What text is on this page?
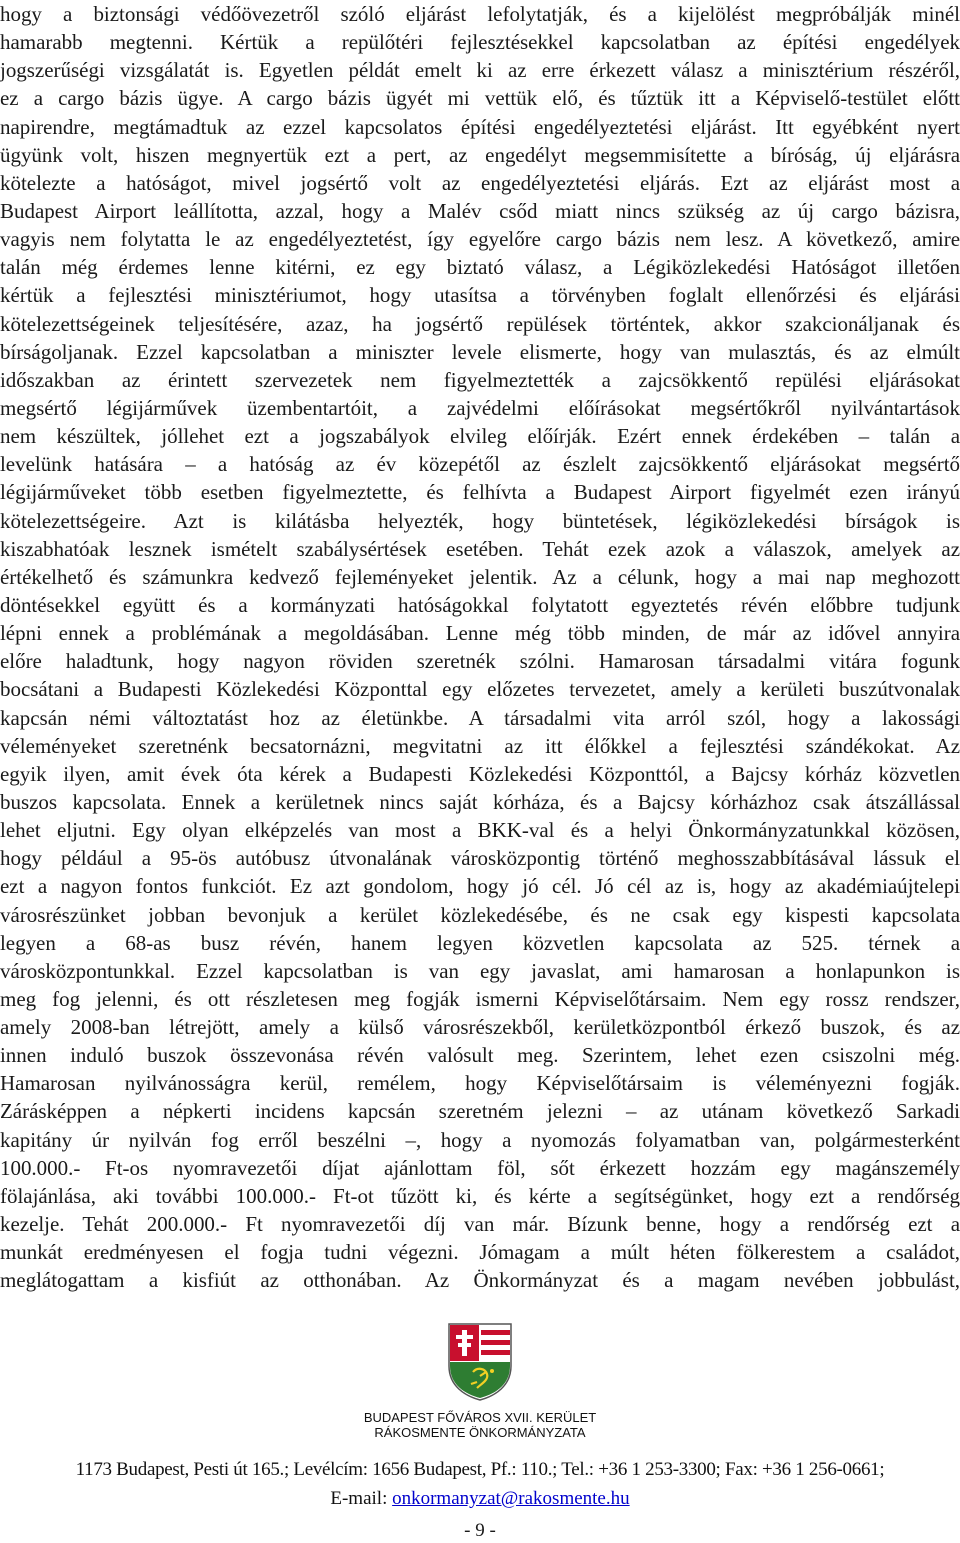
hogy a biztonsági védőövezetről szóló eljárást lefolytatják, és a kijelölést megpróbálják minél
hamarabb megtenni. Kértük a repülőtéri fejlesztésekkel kapcsolatban az építési engedélyek
jogszerűségi vizsgálatát is. Egyetlen példát emelt ki az erre érkezett válasz a minisztérium részéről,
ez a cargo bázis ügye. A cargo bázis ügyét mi vettük elő, és tűztük itt a Képviselő-testület előtt
napirendre, megtámadtuk az ezzel kapcsolatos építési engedélyeztetési eljárást. Itt egyébként nyert
ügyünk volt, hiszen megnyertük ezt a pert, az engedélyt megsemmisítette a bíróság, új eljárásra
kötelezte a hatóságot, mivel jogsértő volt az engedélyeztetési eljárás. Ezt az eljárást most a
Budapest Airport leállította, azzal, hogy a Malév csőd miatt nincs szükség az új cargo bázisra,
vagyis nem folytatta le az engedélyeztetést, így egyelőre cargo bázis nem lesz. A következő, amire
talán még érdemes lenne kitérni, ez egy biztató válasz, a Légiközlekedési Hatóságot illetően
kértük a fejlesztési minisztériumot, hogy utasítsa a törvényben foglalt ellenőrzési és eljárási
kötelezettségeinek teljesítésére, azaz, ha jogsértő repülések történtek, akkor szakcionáljanak és
bírságoljanak. Ezzel kapcsolatban a miniszter levele elismerte, hogy van mulasztás, és az elmúlt
időszakban az érintett szervezetek nem figyelmeztették a zajcsökkentő repülési eljárásokat
megsértő légijárművek üzembentartóit, a zajvédelmi előírásokat megsértőkről nyilvántartások
nem készültek, jóllehet ezt a jogszabályok elvileg előírják. Ezért ennek érdekében – talán a
levelünk hatására – a hatóság az év közepétől az észlelt zajcsökkentő eljárásokat megsértő
légijárműveket több esetben figyelmeztette, és felhívta a Budapest Airport figyelmét ezen irányú
kötelezettségeire. Azt is kilátásba helyezték, hogy büntetések, légiközlekedési bírságok is
kiszabhatóak lesznek ismételt szabálysértések esetében. Tehát ezek azok a válaszok, amelyek az
értékelhető és számunkra kedvező fejleményeket jelentik. Az a célunk, hogy a mai nap meghozott
döntésekkel együtt és a kormányzati hatóságokkal folytatott egyeztetés révén előbbre tudjunk
lépni ennek a problémának a megoldásában. Lenne még több minden, de már az idővel annyira
előre haladtunk, hogy nagyon röviden szeretnék szólni. Hamarosan társadalmi vitára fogunk
bocsátani a Budapesti Közlekedési Központtal egy előzetes tervezetet, amely a kerületi buszútvonalak
kapcsán némi változtatást hoz az életünkbe. A társadalmi vita arról szól, hogy a lakossági
véleményeket szeretnénk becsatornázni, megvitatni az itt élőkkel a fejlesztési szándékokat. Az
egyik ilyen, amit évek óta kérek a Budapesti Közlekedési Központtól, a Bajcsy kórház közvetlen
buszos kapcsolata. Ennek a kerületnek nincs saját kórháza, és a Bajcsy kórházhoz csak átszállással
lehet eljutni. Egy olyan elképzelés van most a BKK-val és a helyi Önkormányzatunkkal közösen,
hogy például a 95-ös autóbusz útvonalának városközpontig történő meghosszabbításával lássuk el
ezt a nagyon fontos funkciót. Ez azt gondolom, hogy jó cél. Jó cél az is, hogy az akadémiaújtelepi
városrészünket jobban bevonjuk a kerület közlekedésébe, és ne csak egy kispesti kapcsolata
legyen a 68-as busz révén, hanem legyen közvetlen kapcsolata az 525. térnek a
városközpontunkkal. Ezzel kapcsolatban is van egy javaslat, ami hamarosan a honlapunkon is
meg fog jelenni, és ott részletesen meg fogják ismerni Képviselőtársaim. Nem egy rossz rendszer,
amely 2008-ban létrejött, amely a külső városrészekből, kerületközpontból érkező buszok, és az
innen induló buszok összevonása révén valósult meg. Szerintem, lehet ezen csiszolni még.
Hamarosan nyilvánosságra kerül, remélem, hogy Képviselőtársaim is véleményezni fogják.
Zárásképpen a népkerti incidens kapcsán szeretném jelezni – az utánam következő Sarkadi
kapitány úr nyilván fog erről beszélni –, hogy a nyomozás folyamatban van, polgármesterként
100.000.- Ft-os nyomravezetői díjat ajánlottam föl, sőt érkezett hozzám egy magánszemély
fölajánlása, aki további 100.000.- Ft-ot tűzött ki, és kérte a segítségünket, hogy ezt a rendőrség
kezelje. Tehát 200.000.- Ft nyomravezetői díj van már. Bízunk benne, hogy a rendőrség ezt a
munkát eredményesen el fogja tudni végezni. Jómagam a múlt héten fölkerestem a családot,
meglátogattam a kisfiút az otthonában. Az Önkormányzat és a magam nevében jobbulást,
BUDAPEST FŐVÁROS XVII. KERÜLET
RÁKOSMENTE ÖNKORMÁNYZATA
1173 Budapest, Pesti út 165.; Levélcím: 1656 Budapest, Pf.: 110.; Tel.: +36 1 253-3300; Fax: +36 1 256-0661;
E-mail: onkormanyzat@rakosmente.hu
- 9 -
